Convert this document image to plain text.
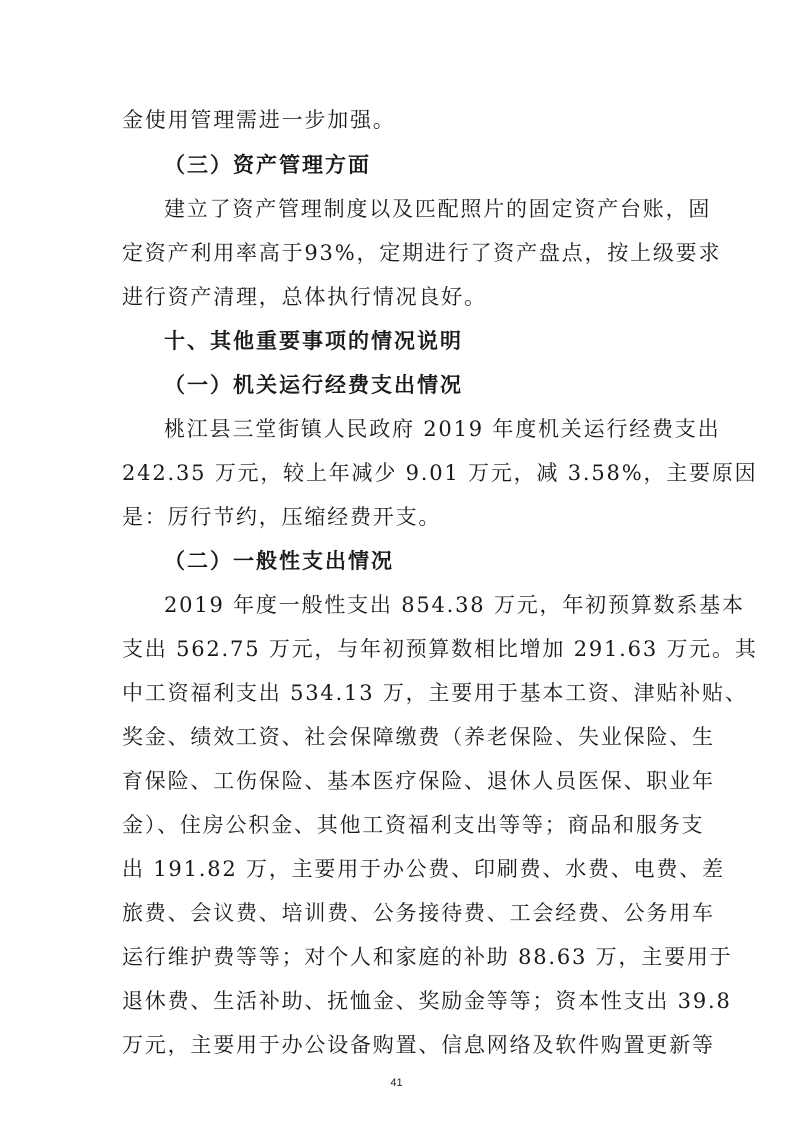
金使用管理需进一步加强。
（三）资产管理方面
建立了资产管理制度以及匹配照片的固定资产台账，固
定资产利用率高于93%，定期进行了资产盘点，按上级要求
进行资产清理，总体执行情况良好。
十、其他重要事项的情况说明
（一）机关运行经费支出情况
桃江县三堂街镇人民政府 2019 年度机关运行经费支出
242.35 万元，较上年减少 9.01 万元，减 3.58%，主要原因
是：厉行节约，压缩经费开支。
（二）一般性支出情况
2019 年度一般性支出 854.38 万元，年初预算数系基本
支出 562.75 万元，与年初预算数相比增加 291.63 万元。其
中工资福利支出 534.13 万，主要用于基本工资、津贴补贴、
奖金、绩效工资、社会保障缴费（养老保险、失业保险、生
育保险、工伤保险、基本医疗保险、退休人员医保、职业年
金）、住房公积金、其他工资福利支出等等；商品和服务支
出 191.82 万，主要用于办公费、印刷费、水费、电费、差
旅费、会议费、培训费、公务接待费、工会经费、公务用车
运行维护费等等；对个人和家庭的补助 88.63 万，主要用于
退休费、生活补助、抚恤金、奖励金等等；资本性支出 39.8
万元，主要用于办公设备购置、信息网络及软件购置更新等
41
